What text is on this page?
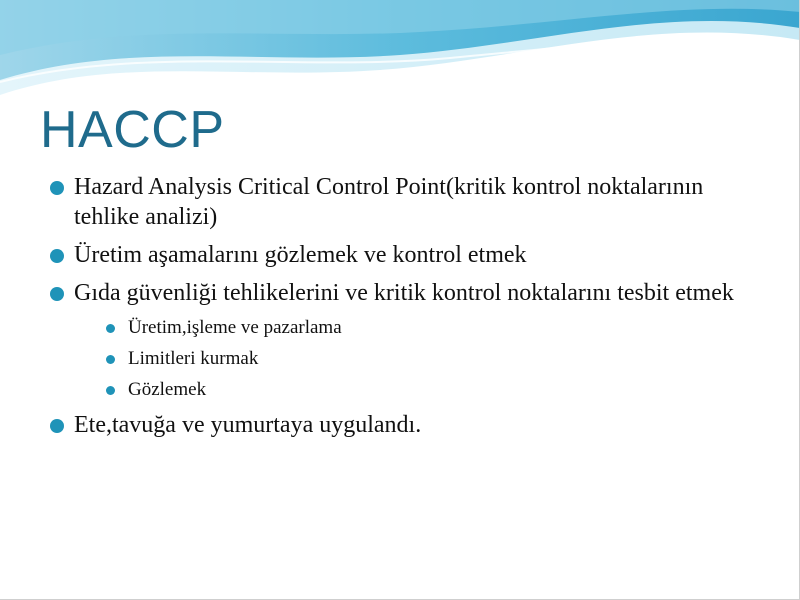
HACCP
Hazard Analysis Critical Control Point(kritik kontrol noktalarının tehlike analizi)
Üretim aşamalarını gözlemek ve kontrol etmek
Gıda güvenliği tehlikelerini ve kritik kontrol noktalarını tesbit etmek
Üretim,işleme ve pazarlama
Limitleri kurmak
Gözlemek
Ete,tavuğa ve yumurtaya uygulandı.
